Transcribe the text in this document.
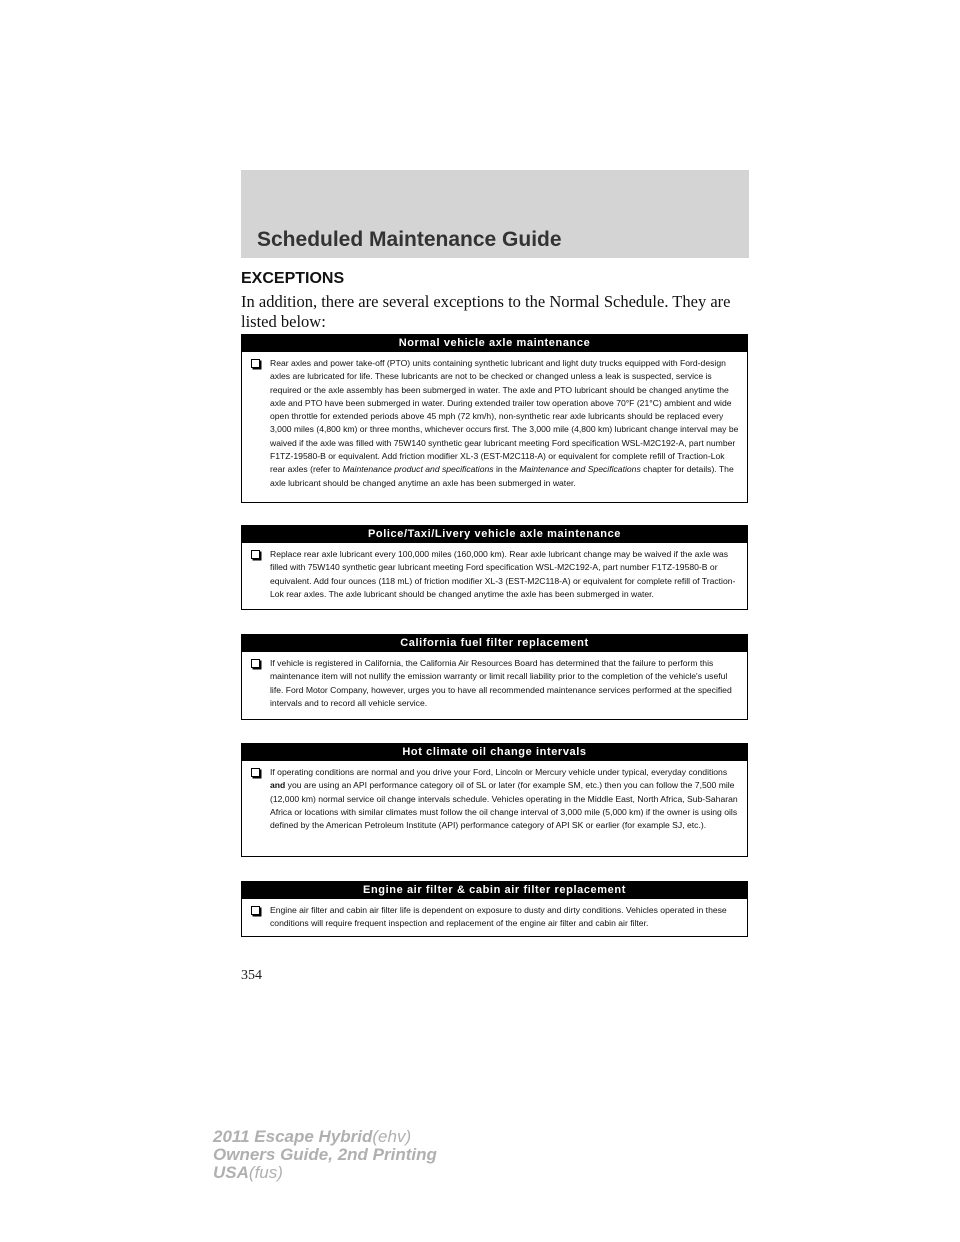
Scheduled Maintenance Guide
EXCEPTIONS
In addition, there are several exceptions to the Normal Schedule. They are listed below:
Normal vehicle axle maintenance

Rear axles and power take-off (PTO) units containing synthetic lubricant and light duty trucks equipped with Ford-design axles are lubricated for life. These lubricants are not to be checked or changed unless a leak is suspected, service is required or the axle assembly has been submerged in water. The axle and PTO lubricant should be changed anytime the axle and PTO have been submerged in water. During extended trailer tow operation above 70°F (21°C) ambient and wide open throttle for extended periods above 45 mph (72 km/h), non-synthetic rear axle lubricants should be replaced every 3,000 miles (4,800 km) or three months, whichever occurs first. The 3,000 mile (4,800 km) lubricant change interval may be waived if the axle was filled with 75W140 synthetic gear lubricant meeting Ford specification WSL-M2C192-A, part number F1TZ-19580-B or equivalent. Add friction modifier XL-3 (EST-M2C118-A) or equivalent for complete refill of Traction-Lok rear axles (refer to Maintenance product and specifications in the Maintenance and Specifications chapter for details). The axle lubricant should be changed anytime an axle has been submerged in water.

Police/Taxi/Livery vehicle axle maintenance

Replace rear axle lubricant every 100,000 miles (160,000 km). Rear axle lubricant change may be waived if the axle was filled with 75W140 synthetic gear lubricant meeting Ford specification WSL-M2C192-A, part number F1TZ-19580-B or equivalent. Add four ounces (118 mL) of friction modifier XL-3 (EST-M2C118-A) or equivalent for complete refill of Traction-Lok rear axles. The axle lubricant should be changed anytime the axle has been submerged in water.

California fuel filter replacement

If vehicle is registered in California, the California Air Resources Board has determined that the failure to perform this maintenance item will not nullify the emission warranty or limit recall liability prior to the completion of the vehicle's useful life. Ford Motor Company, however, urges you to have all recommended maintenance services performed at the specified intervals and to record all vehicle service.

Hot climate oil change intervals

If operating conditions are normal and you drive your Ford, Lincoln or Mercury vehicle under typical, everyday conditions and you are using an API performance category oil of SL or later (for example SM, etc.) then you can follow the 7,500 mile (12,000 km) normal service oil change intervals schedule. Vehicles operating in the Middle East, North Africa, Sub-Saharan Africa or locations with similar climates must follow the oil change interval of 3,000 mile (5,000 km) if the owner is using oils defined by the American Petroleum Institute (API) performance category of API SK or earlier (for example SJ, etc.).

Engine air filter & cabin air filter replacement

Engine air filter and cabin air filter life is dependent on exposure to dusty and dirty conditions. Vehicles operated in these conditions will require frequent inspection and replacement of the engine air filter and cabin air filter.

354
2011 Escape Hybrid(ehv)
Owners Guide, 2nd Printing
USA(fus)
